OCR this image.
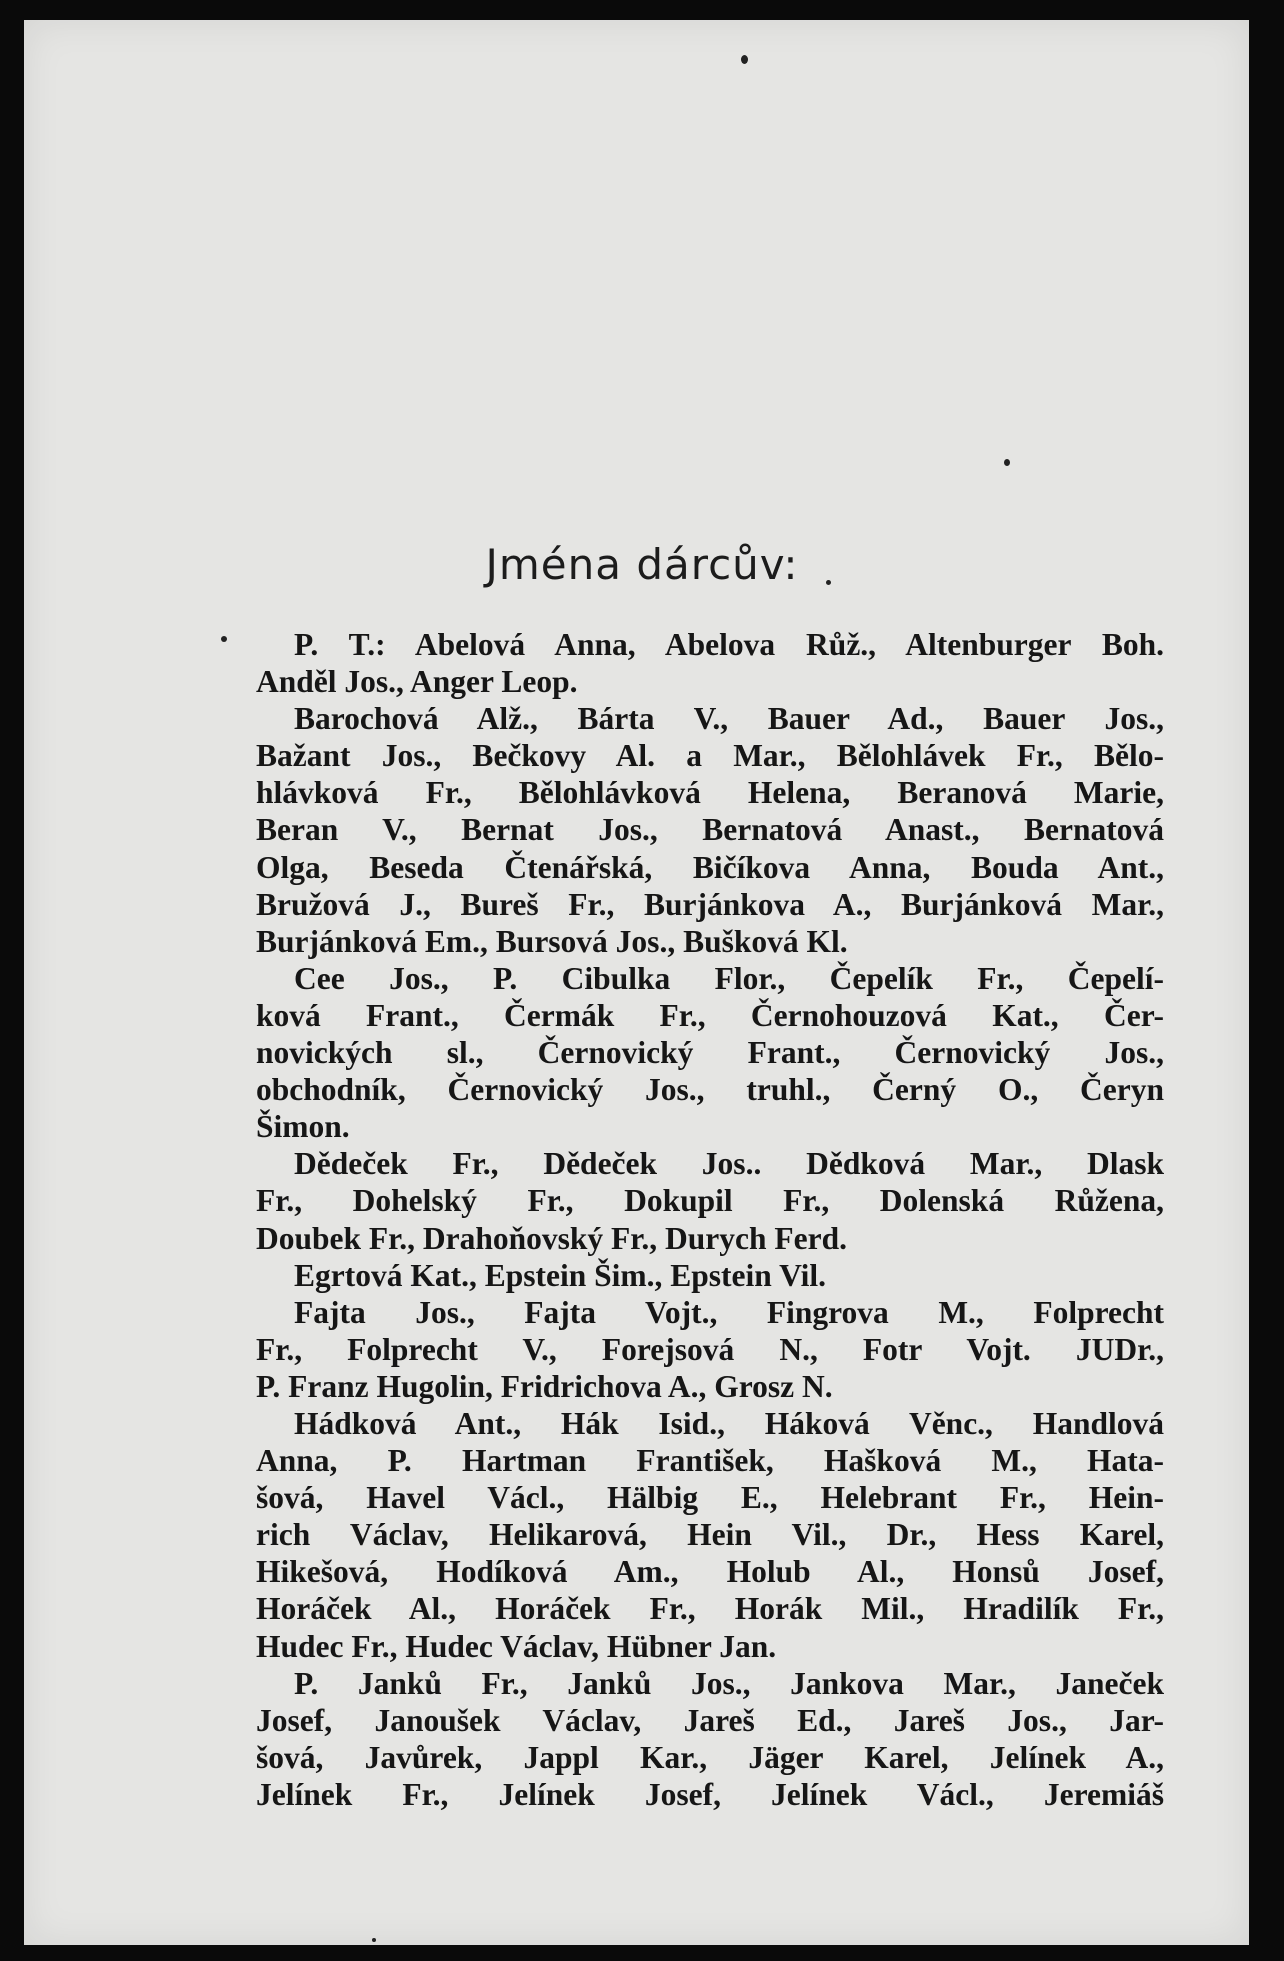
Jména dárcův:
P. T.: Abelová Anna, Abelova Růž., Altenburger Boh.
Anděl Jos., Anger Leop.
Barochová Alž., Bárta V., Bauer Ad., Bauer Jos.,
Bažant Jos., Bečkovy Al. a Mar., Bělohlávek Fr., Bělo-
hlávková Fr., Bělohlávková Helena, Beranová Marie,
Beran V., Bernat Jos., Bernatová Anast., Bernatová
Olga, Beseda Čtenářská, Bičíkova Anna, Bouda Ant.,
Bružová J., Bureš Fr., Burjánkova A., Burjánková Mar.,
Burjánková Em., Bursová Jos., Bušková Kl.
Cee Jos., P. Cibulka Flor., Čepelík Fr., Čepelí-
ková Frant., Čermák Fr., Černohouzová Kat., Čer-
novických sl., Černovický Frant., Černovický Jos.,
obchodník, Černovický Jos., truhl., Černý O., Čeryn
Šimon.
Dědeček Fr., Dědeček Jos.. Dědková Mar., Dlask
Fr., Dohelský Fr., Dokupil Fr., Dolenská Růžena,
Doubek Fr., Drahoňovský Fr., Durych Ferd.
Egrtová Kat., Epstein Šim., Epstein Vil.
Fajta Jos., Fajta Vojt., Fingrova M., Folprecht
Fr., Folprecht V., Forejsová N., Fotr Vojt. JUDr.,
P. Franz Hugolin, Fridrichova A., Grosz N.
Hádková Ant., Hák Isid., Háková Věnc., Handlová
Anna, P. Hartman František, Hašková M., Hata-
šová, Havel Václ., Hälbig E., Helebrant Fr., Hein-
rich Václav, Helikarová, Hein Vil., Dr., Hess Karel,
Hikešová, Hodíková Am., Holub Al., Honsů Josef,
Horáček Al., Horáček Fr., Horák Mil., Hradilík Fr.,
Hudec Fr., Hudec Václav, Hübner Jan.
P. Janků Fr., Janků Jos., Jankova Mar., Janeček
Josef, Janoušek Václav, Jareš Ed., Jareš Jos., Jar-
šová, Javůrek, Jappl Kar., Jäger Karel, Jelínek A.,
Jelínek Fr., Jelínek Josef, Jelínek Václ., Jeremiáš
